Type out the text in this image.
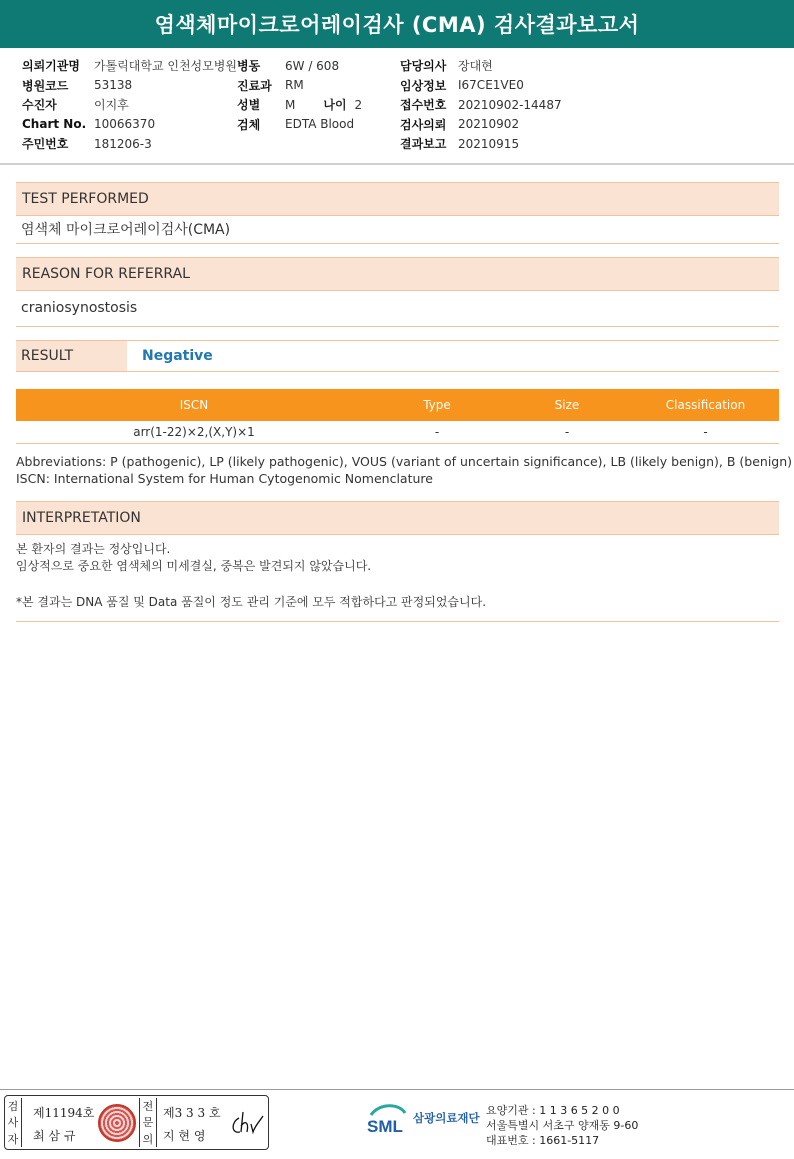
염색체마이크로어레이검사 (CMA) 검사결과보고서
의뢰기관명	가톨릭대학교 인천성모병원
병원코드	53138
수진자	이지후
Chart No. 10066370
주민번호	181206-3
병동	6W / 608
진료과	RM
성별	M 나이 2
검체	EDTA Blood
담당의사 장대현
임상정보 I67CE1VE0
접수번호 20210902-14487
검사의뢰 20210902
결과보고 20210915
TEST PERFORMED
염색체 마이크로어레이검사(CMA)
REASON FOR REFERRAL
craniosynostosis
RESULT	Negative
ISCN	Type	Size	Classification
arr(1-22)×2,(X,Y)×1	-	-	-
Abbreviations: P (pathogenic), LP (likely pathogenic), VOUS (variant of uncertain significance), LB (likely benign), B (benign)
ISCN: International System for Human Cytogenomic Nomenclature
INTERPRETATION
본 환자의 결과는 정상입니다.
임상적으로 중요한 염색체의 미세결실, 중복은 발견되지 않았습니다.
*본 결과는 DNA 품질 및 Data 품질이 정도 관리 기준에 모두 적합하다고 판정되었습니다.
검
사
자
제11194호
최 삼 규
전
문
의
제3 3 3 호
지 현 영	SML 삼광의료재단
요양기관 : 1 1 3 6 5 2 0 0
서울특별시 서초구 양재동 9-60
대표번호 : 1661-5117
